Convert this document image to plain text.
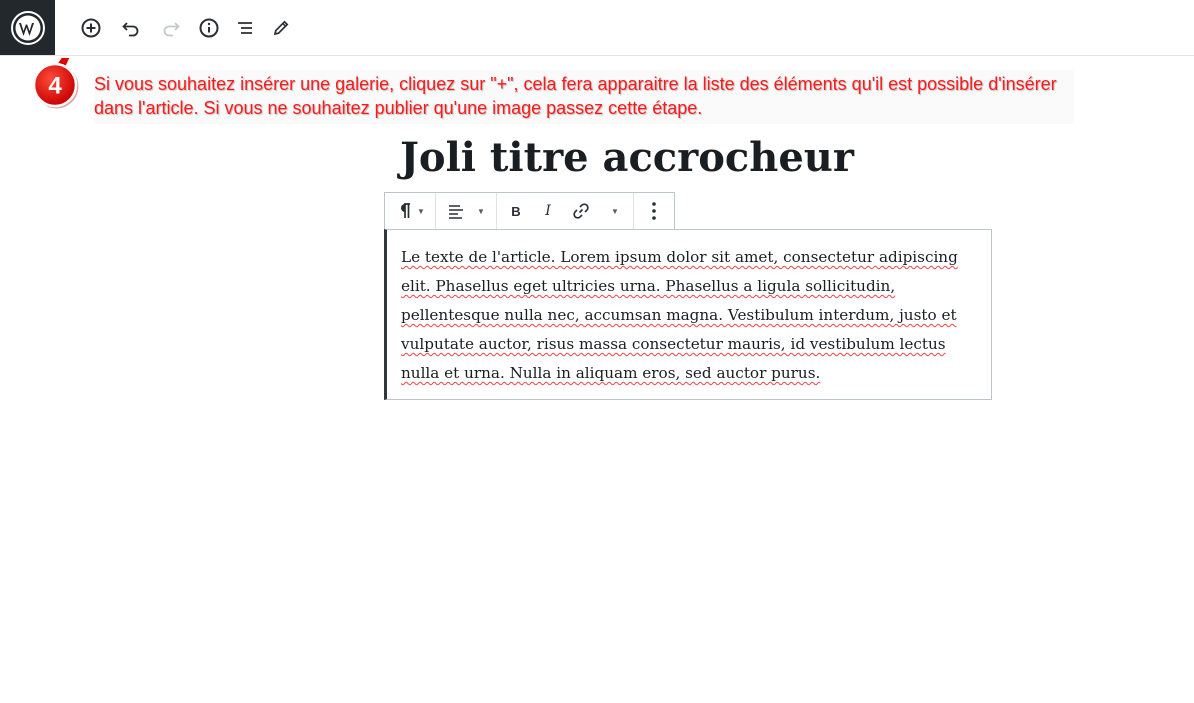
4 Si vous souhaitez insérer une galerie, cliquez sur "+", cela fera apparaitre la liste des éléments qu'il est possible d'insérer dans l'article. Si vous ne souhaitez publier qu'une image passez cette étape.
Joli titre accrocheur
▼	▼	B	I	▼

Le texte de l'article. Lorem ipsum dolor sit amet, consectetur adipiscing elit. Phasellus eget ultricies urna. Phasellus a ligula sollicitudin, pellentesque nulla nec, accumsan magna. Vestibulum interdum, justo et vulputate auctor, risus massa consectetur mauris, id vestibulum lectus nulla et urna. Nulla in aliquam eros, sed auctor purus.
